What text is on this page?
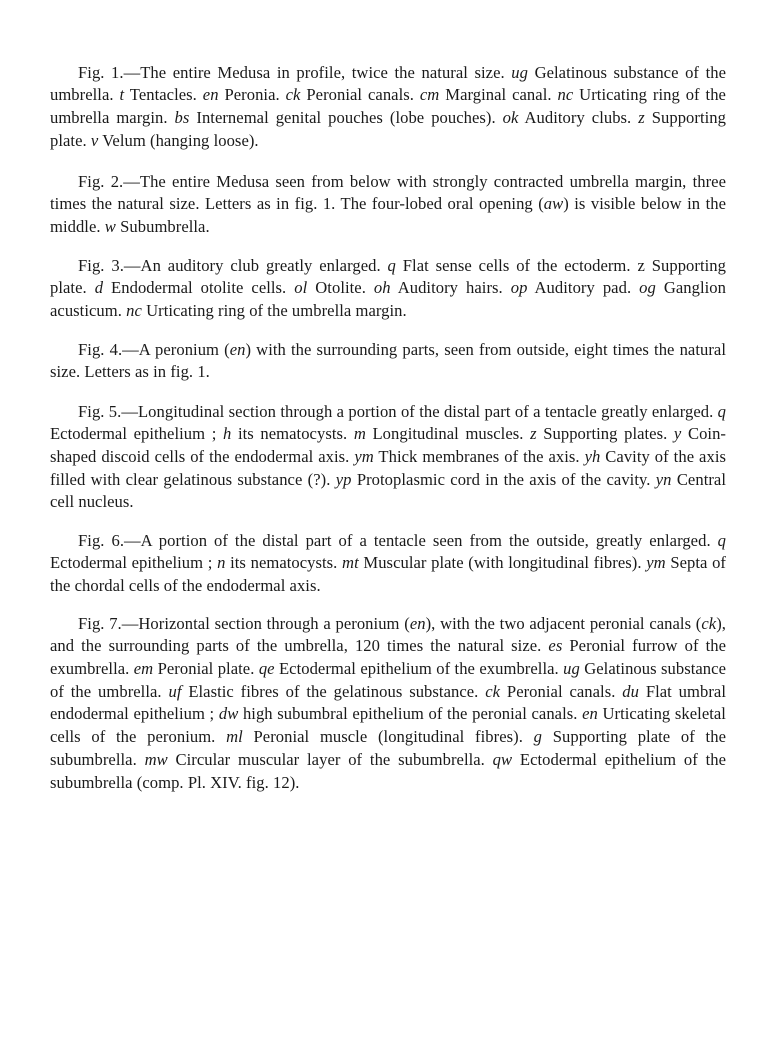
Fig. 1.—The entire Medusa in profile, twice the natural size. ug Gelatinous substance of the umbrella. t Tentacles. en Peronia. ck Peronial canals. cm Marginal canal. nc Urticating ring of the umbrella margin. bs Internemal genital pouches (lobe pouches). ok Auditory clubs. z Supporting plate. v Velum (hanging loose).

Fig. 2.—The entire Medusa seen from below with strongly contracted umbrella margin, three times the natural size. Letters as in fig. 1. The four-lobed oral opening (aw) is visible below in the middle. w Subumbrella.

Fig. 3.—An auditory club greatly enlarged. q Flat sense cells of the ectoderm. z Supporting plate. d Endodermal otolite cells. ol Otolite. oh Auditory hairs. op Auditory pad. og Ganglion acusticum. nc Urticating ring of the umbrella margin.

Fig. 4.—A peronium (en) with the surrounding parts, seen from outside, eight times the natural size. Letters as in fig. 1.

Fig. 5.—Longitudinal section through a portion of the distal part of a tentacle greatly enlarged. q Ectodermal epithelium ; h its nematocysts. m Longitudinal muscles. z Supporting plates. y Coin-shaped discoid cells of the endodermal axis. ym Thick membranes of the axis. yh Cavity of the axis filled with clear gelatinous substance (?). yp Protoplasmic cord in the axis of the cavity. yn Central cell nucleus.

Fig. 6.—A portion of the distal part of a tentacle seen from the outside, greatly enlarged. q Ectodermal epithelium ; n its nematocysts. mt Muscular plate (with longitudinal fibres). ym Septa of the chordal cells of the endodermal axis.

Fig. 7.—Horizontal section through a peronium (en), with the two adjacent peronial canals (ck), and the surrounding parts of the umbrella, 120 times the natural size. es Peronial furrow of the exumbrella. em Peronial plate. qe Ectodermal epithelium of the exumbrella. ug Gelatinous substance of the umbrella. uf Elastic fibres of the gelatinous substance. ck Peronial canals. du Flat umbral endodermal epithelium ; dw high subumbral epithelium of the peronial canals. en Urticating skeletal cells of the peronium. ml Peronial muscle (longitudinal fibres). g Supporting plate of the subumbrella. mw Circular muscular layer of the subumbrella. qw Ectodermal epithelium of the subumbrella (comp. Pl. XIV. fig. 12).
